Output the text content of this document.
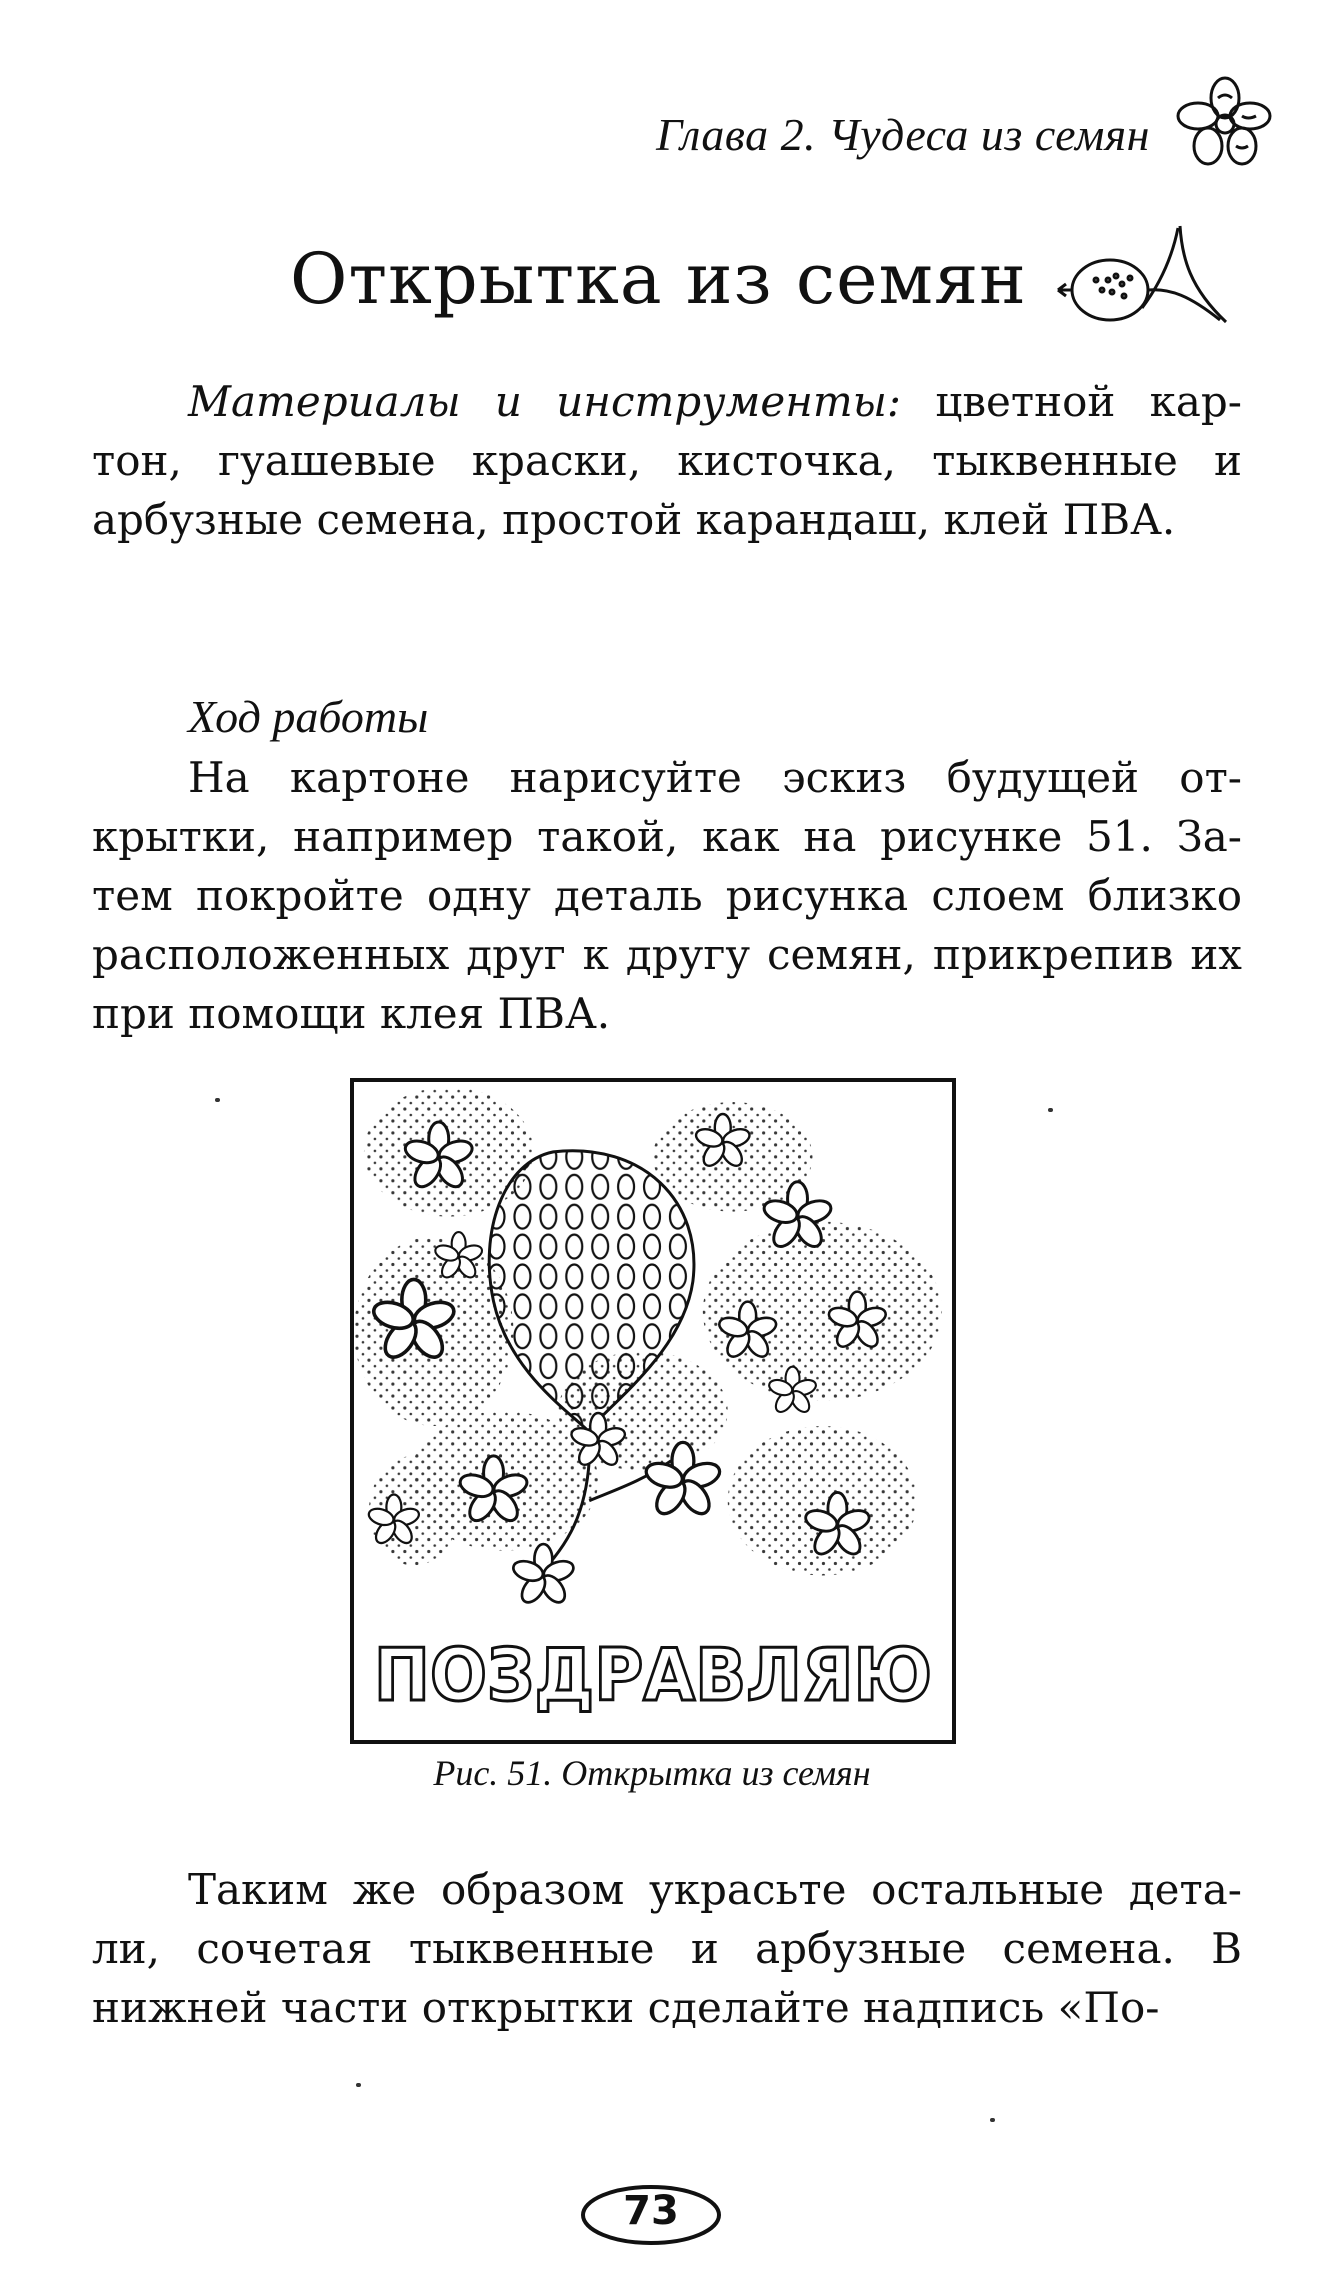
Глава 2. Чудеса из семян
Открытка из семян

Материалы и инструменты: цветной кар-тон, гуашевые краски, кисточка, тыквенные и арбузные семена, простой карандаш, клей ПВА.

Ход работы

На картоне нарисуйте эскиз будущей от-крытки, например такой, как на рисунке 51. За-тем покройте одну деталь рисунка слоем близко расположенных друг к другу семян, прикрепив их при помощи клея ПВА.

ПОЗДРАВЛЯЮ
Рис. 51. Открытка из семян

Таким же образом украсьте остальные дета-ли, сочетая тыквенные и арбузные семена. В нижней части открытки сделайте надпись «По-

73
